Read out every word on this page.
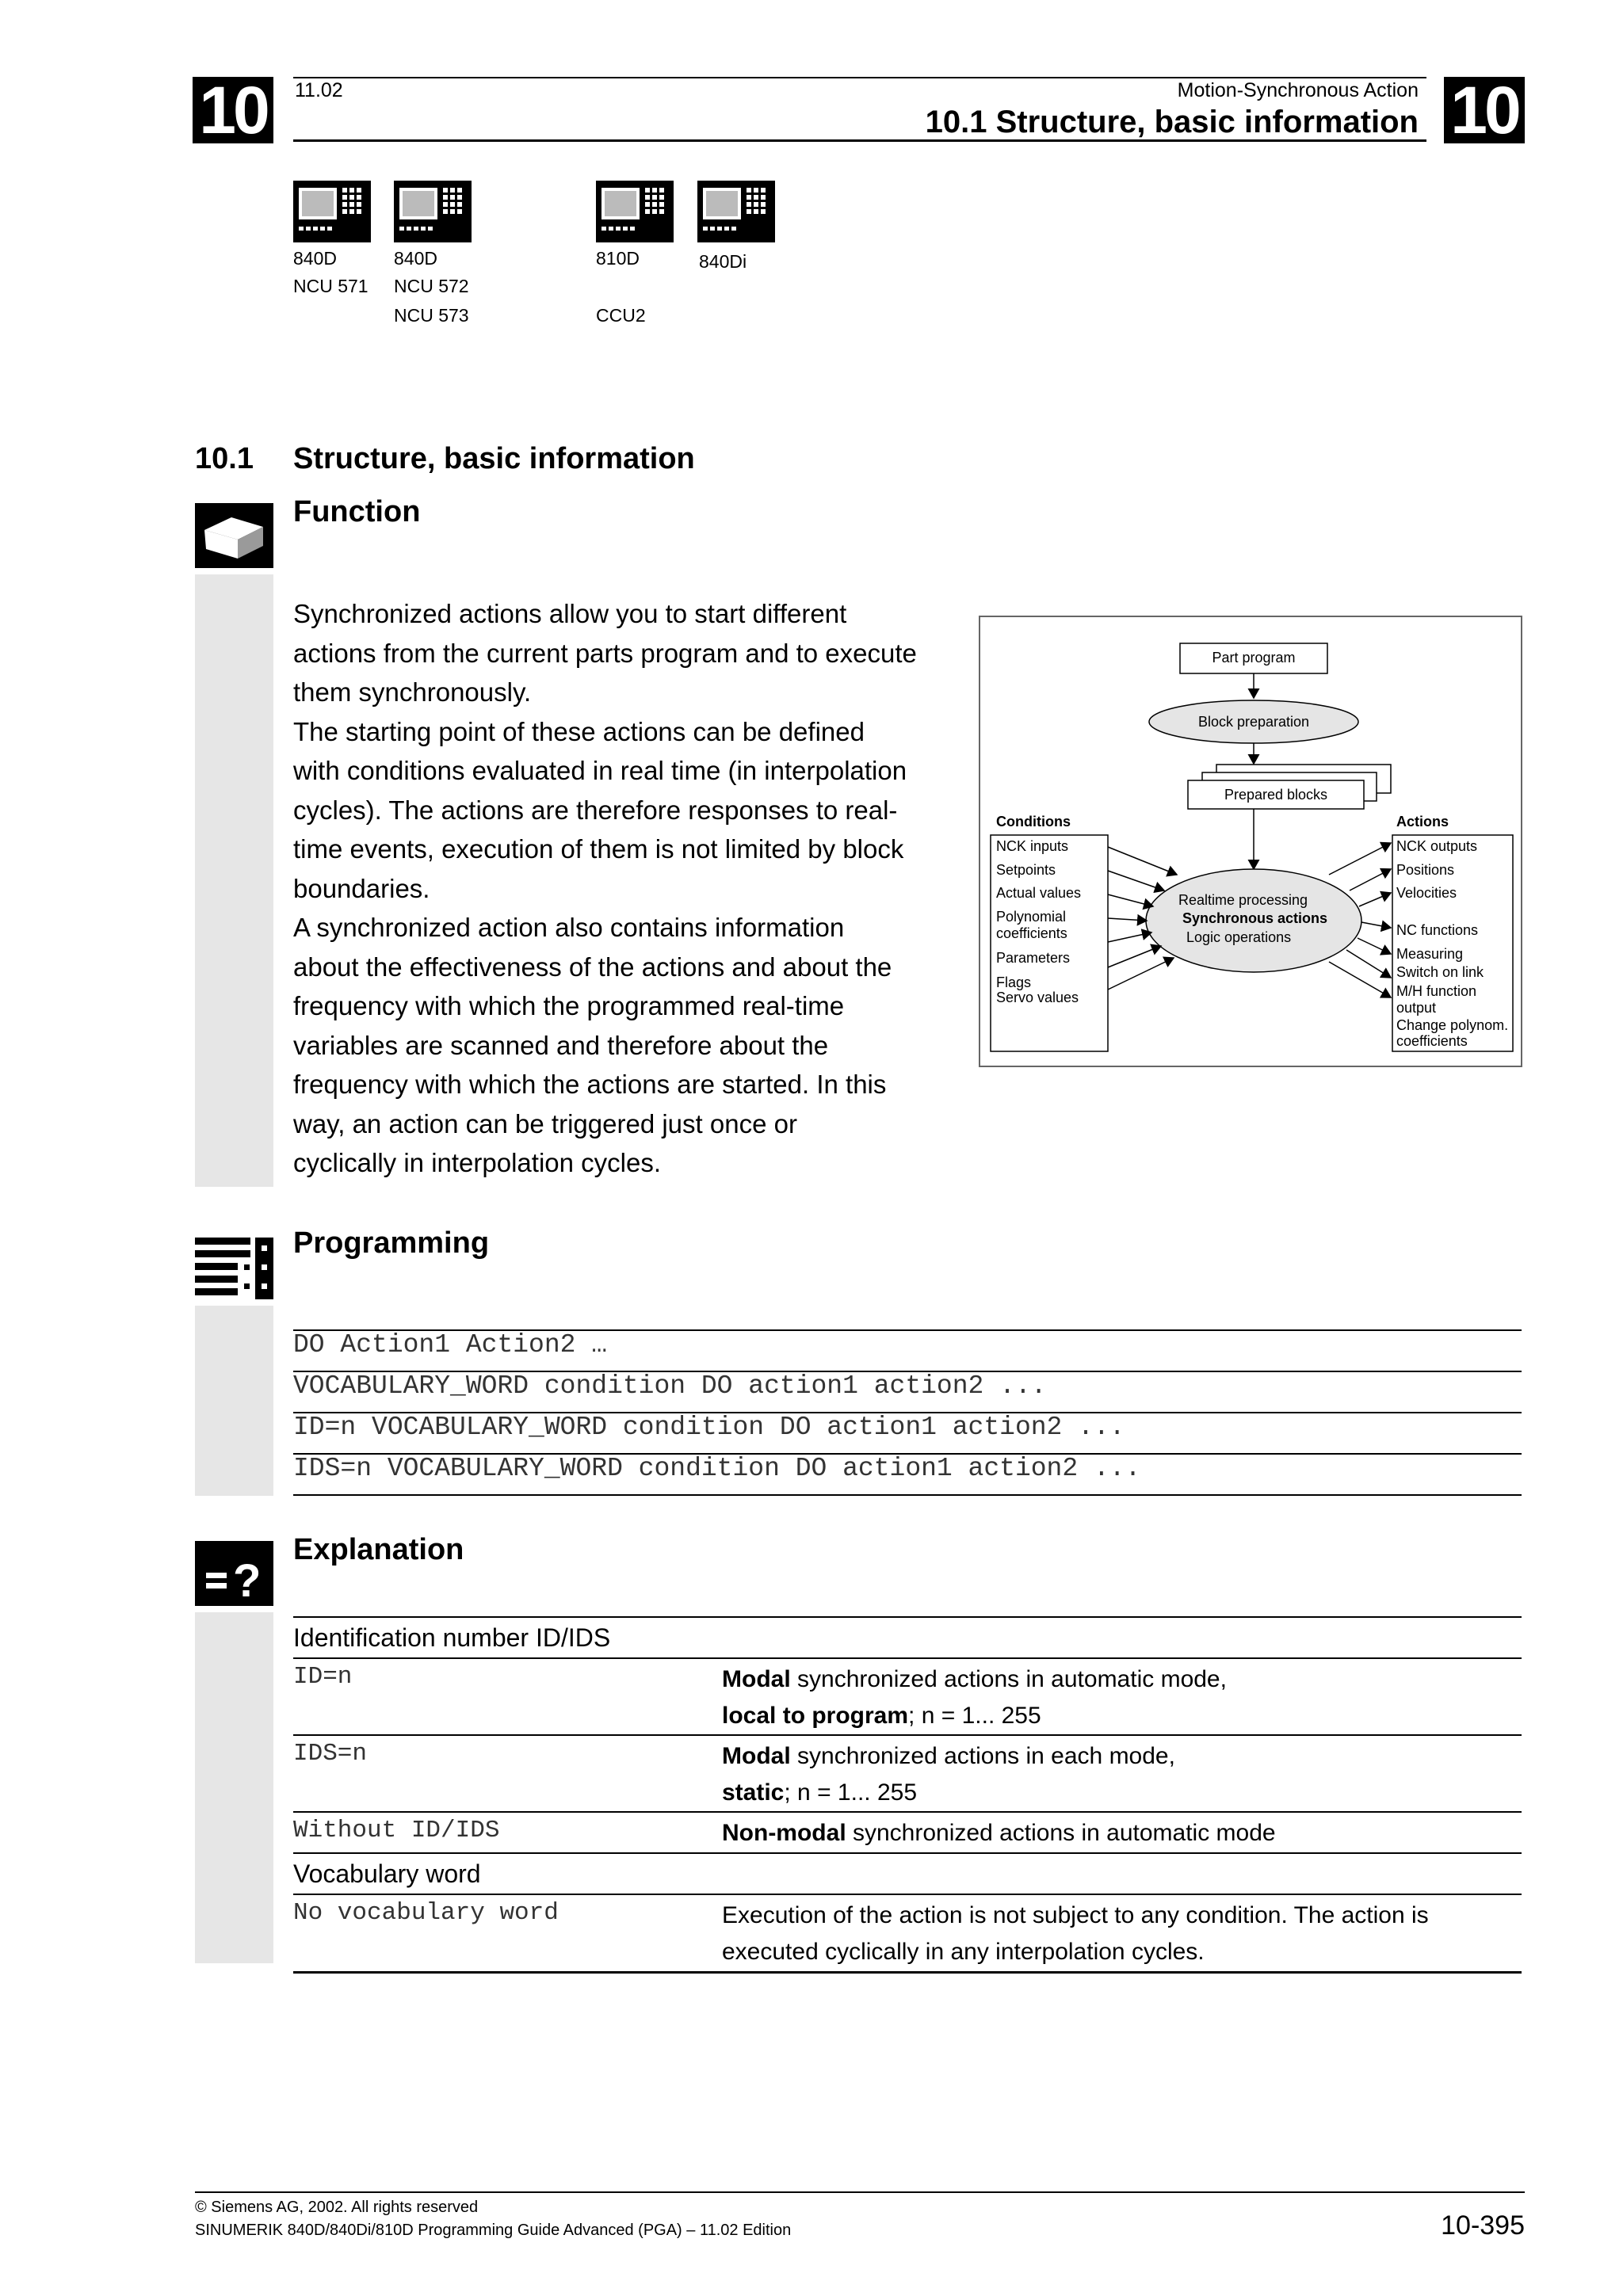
10	10
11.02	Motion-Synchronous Action
10.1 Structure, basic information
840D
NCU 571
840D
NCU 572
NCU 573
810D
CCU2
840Di
10.1 Structure, basic information
Function
Synchronized actions allow you to start different
actions from the current parts program and to execute
them synchronously.
The starting point of these actions can be defined
with conditions evaluated in real time (in interpolation
cycles). The actions are therefore responses to real-
time events, execution of them is not limited by block
boundaries.
A synchronized action also contains information
about the effectiveness of the actions and about the
frequency with which the programmed real-time
variables are scanned and therefore about the
frequency with which the actions are started. In this
way, an action can be triggered just once or
cyclically in interpolation cycles.
Part program
Block preparation
Prepared blocks
Conditions	Actions
NCK inputs
Setpoints
Actual values
Polynomial
coefficients
Parameters
Flags
Servo values
NCK outputs
Positions
Velocities
NC functions
Measuring
Switch on link
M/H function
output
Change polynom.
coefficients
Realtime processing
Synchronous actions
Logic operations
Programming
DO Action1 Action2 …
VOCABULARY_WORD condition DO action1 action2 ...
ID=n VOCABULARY_WORD condition DO action1 action2 ...
IDS=n VOCABULARY_WORD condition DO action1 action2 ...
?
Explanation
Identification number ID/IDS
ID=n	Modal synchronized actions in automatic mode,
local to program; n = 1... 255
IDS=n	Modal synchronized actions in each mode,
static; n = 1... 255
Without ID/IDS	Non-modal synchronized actions in automatic mode
Vocabulary word
No vocabulary word	Execution of the action is not subject to any condition. The action is
executed cyclically in any interpolation cycles.
© Siemens AG, 2002. All rights reserved
SINUMERIK 840D/840Di/810D Programming Guide Advanced (PGA) – 11.02 Edition	10-395
